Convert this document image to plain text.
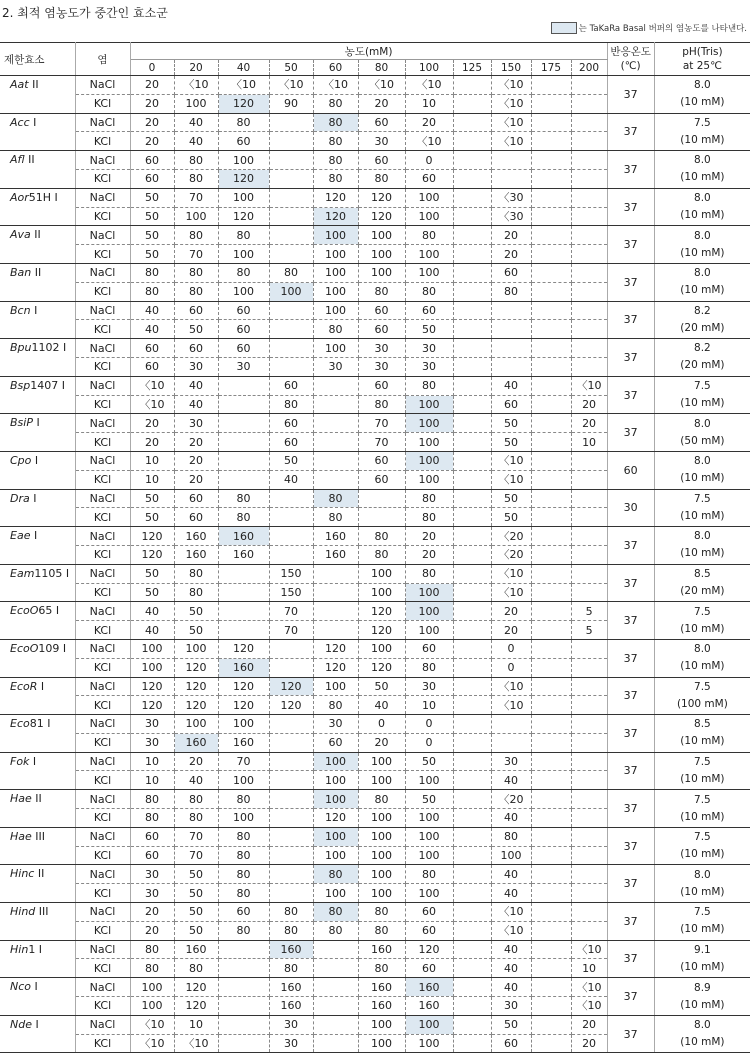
2. 최적 염농도가 중간인 효소군
는 TaKaRa Basal 버퍼의 염농도를 나타낸다.
제한효소	염	농도(mM)											반응온도
(℃)	pH(Tris)
at 25℃
		0	20	40	50	60	80	100	125	150	175	200		
Aat II	NaCl	20	〈10	〈10	〈10	〈10	〈10	〈10		〈10			37	8.0
(10 mM)

	KCl	20	100	120	90	80	20	10		〈10				
Acc I	NaCl	20	40	80		80	60	20		〈10			37	7.5
(10 mM)

	KCl	20	40	60		80	30	〈10		〈10				
Afl II	NaCl	60	80	100		80	60	0					37	8.0
(10 mM)

	KCl	60	80	120		80	80	60						
Aor51H I	NaCl	50	70	100		120	120	100		〈30			37	8.0
(10 mM)

	KCl	50	100	120		120	120	100		〈30				
Ava II	NaCl	50	80	80		100	100	80		20			37	8.0
(10 mM)

	KCl	50	70	100		100	100	100		20				
Ban II	NaCl	80	80	80	80	100	100	100		60			37	8.0
(10 mM)

	KCl	80	80	100	100	100	80	80		80				
Bcn I	NaCl	40	60	60		100	60	60					37	8.2
(20 mM)

	KCl	40	50	60		80	60	50						
Bpu1102 I	NaCl	60	60	60		100	30	30					37	8.2
(20 mM)

	KCl	60	30	30		30	30	30						
Bsp1407 I	NaCl	〈10	40		60		60	80		40		〈10	37	7.5
(10 mM)

	KCl	〈10	40		80		80	100		60		20		
BsiP I	NaCl	20	30		60		70	100		50		20	37	8.0
(50 mM)

	KCl	20	20		60		70	100		50		10		
Cpo I	NaCl	10	20		50		60	100		〈10			60	8.0
(10 mM)

	KCl	10	20		40		60	100		〈10				
Dra I	NaCl	50	60	80		80		80		50			30	7.5
(10 mM)

	KCl	50	60	80		80		80		50				
Eae I	NaCl	120	160	160		160	80	20		〈20			37	8.0
(10 mM)

	KCl	120	160	160		160	80	20		〈20				
Eam1105 I	NaCl	50	80		150		100	80		〈10			37	8.5
(20 mM)

	KCl	50	80		150		100	100		〈10				
EcoO65 I	NaCl	40	50		70		120	100		20		5	37	7.5
(10 mM)

	KCl	40	50		70		120	100		20		5		
EcoO109 I	NaCl	100	100	120		120	100	60		0			37	8.0
(10 mM)

	KCl	100	120	160		120	120	80		0				
EcoR I	NaCl	120	120	120	120	100	50	30		〈10			37	7.5
(100 mM)

	KCl	120	120	120	120	80	40	10		〈10				
Eco81 I	NaCl	30	100	100		30	0	0					37	8.5
(10 mM)

	KCl	30	160	160		60	20	0						
Fok I	NaCl	10	20	70		100	100	50		30			37	7.5
(10 mM)

	KCl	10	40	100		100	100	100		40				
Hae II	NaCl	80	80	80		100	80	50		〈20			37	7.5
(10 mM)

	KCl	80	80	100		120	100	100		40				
Hae III	NaCl	60	70	80		100	100	100		80			37	7.5
(10 mM)

	KCl	60	70	80		100	100	100		100				
Hinc II	NaCl	30	50	80		80	100	80		40			37	8.0
(10 mM)

	KCl	30	50	80		100	100	100		40				
Hind III	NaCl	20	50	60	80	80	80	60		〈10			37	7.5
(10 mM)

	KCl	20	50	80	80	80	80	60		〈10				
Hin1 I	NaCl	80	160		160		160	120		40		〈10	37	9.1
(10 mM)

	KCl	80	80		80		80	60		40		10		
Nco I	NaCl	100	120		160		160	160		40		〈10	37	8.9
(10 mM)

	KCl	100	120		160		160	160		30		〈10		
Nde I	NaCl	〈10	10		30		100	100		50		20	37	8.0
(10 mM)

	KCl	〈10	〈10		30		100	100		60		20		
